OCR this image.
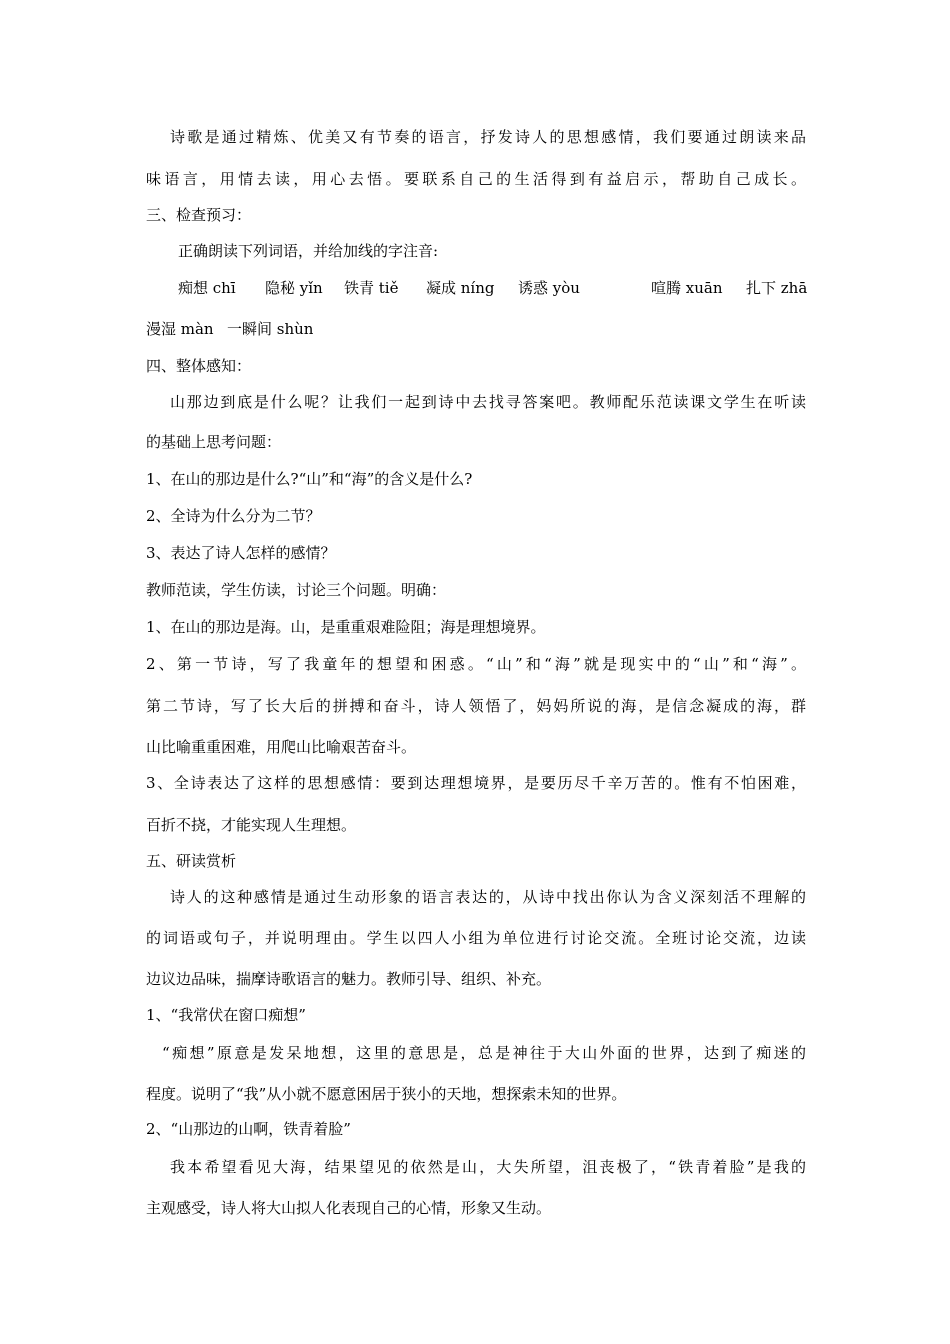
诗歌是通过精炼、优美又有节奏的语言，抒发诗人的思想感情，我们要通过朗读来品
味语言，用情去读，用心去悟。要联系自己的生活得到有益启示，帮助自己成长。
三、检查预习：
正确朗读下列词语，并给加线的字注音:
痴想 chī 隐秘 yǐn 铁青 tiě 凝成 níng 诱惑 yòu	喧腾 xuān 扎下 zhā
漫湿 màn 一瞬间 shùn
四、整体感知：
山那边到底是什么呢？让我们一起到诗中去找寻答案吧。教师配乐范读课文学生在听读
的基础上思考问题：
1、在山的那边是什么?“山”和“海”的含义是什么?
2、全诗为什么分为二节？
3、表达了诗人怎样的感情？
教师范读，学生仿读，讨论三个问题。明确：
1、在山的那边是海。山，是重重艰难险阻；海是理想境界。
2、第一节诗，写了我童年的想望和困惑。“山”和“海”就是现实中的“山”和“海”。
第二节诗，写了长大后的拼搏和奋斗，诗人领悟了，妈妈所说的海，是信念凝成的海，群
山比喻重重困难，用爬山比喻艰苦奋斗。
3、全诗表达了这样的思想感情：要到达理想境界，是要历尽千辛万苦的。惟有不怕困难，
百折不挠，才能实现人生理想。
五、研读赏析
诗人的这种感情是通过生动形象的语言表达的，从诗中找出你认为含义深刻活不理解的
的词语或句子，并说明理由。学生以四人小组为单位进行讨论交流。全班讨论交流，边读
边议边品味，揣摩诗歌语言的魅力。教师引导、组织、补充。
1、“我常伏在窗口痴想”
“痴想”原意是发呆地想，这里的意思是，总是神往于大山外面的世界，达到了痴迷的
程度。说明了“我”从小就不愿意困居于狭小的天地，想探索未知的世界。
2、“山那边的山啊，铁青着脸”
我本希望看见大海，结果望见的依然是山，大失所望，沮丧极了，“铁青着脸”是我的
主观感受，诗人将大山拟人化表现自己的心情，形象又生动。
